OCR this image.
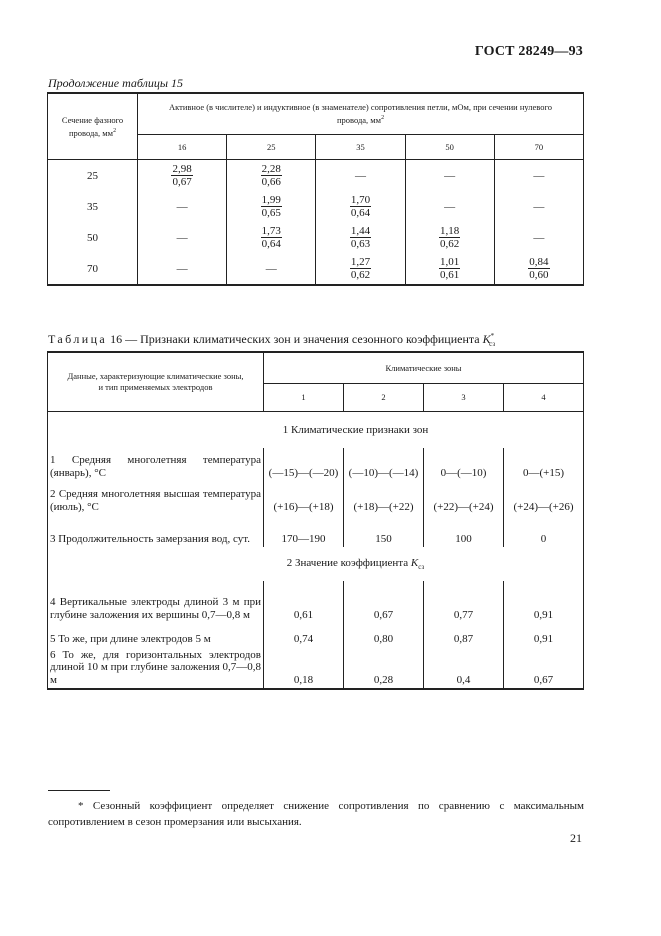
ГОСТ 28249—93
Продолжение таблицы 15
Сечение фазного провода, $мм^2$	Активное (в числителе) и индуктивное (в знаменателе) сопротивления петли, мОм, при сечении нулевого провода, $мм^2$
	16	25	35	50	70
25	$\frac{2,98}{0,67}$	$\frac{2,28}{0,66}$	—	—	—
35	—	$\frac{1,99}{0,65}$	$\frac{1,70}{0,64}$	—	—
50	—	$\frac{1,73}{0,64}$	$\frac{1,44}{0,63}$	$\frac{1,18}{0,62}$	—
70	—	—	$\frac{1,27}{0,62}$	$\frac{1,01}{0,61}$	$\frac{0,84}{0,60}$
Таблица 16 — Признаки климатических зон и значения сезонного коэффициента $K^*_{сз}$
Данные, характеризующие климатические зоны, и тип применяемых электродов	Климатические зоны			
	1	2	3	4
1 Климатические признаки зон				
1 Средняя многолетняя температура (январь), °С	(—15)—(—20)	(—10)—(—14)	0—(—10)	0—(+15)
2 Средняя многолетняя высшая температура (июль), °С	(+16)—(+18)	(+18)—(+22)	(+22)—(+24)	(+24)—(+26)
3 Продолжительность замерзания вод, сут.	170—190	150	100	0
2 Значение коэффициента $K_{сз}$
4 Вертикальные электроды длиной 3 м при глубине заложения их вершины 0,7—0,8 м	0,61	0,67	0,77	0,91
5 То же, при длине электродов 5 м	0,74	0,80	0,87	0,91
6 То же, для горизонтальных электродов длиной 10 м при глубине заложения 0,7—0,8 м	0,18	0,28	0,4	0,67
* Сезонный коэффициент определяет снижение сопротивления по сравнению с максимальным сопротивлением в сезон промерзания или высыхания.
21
